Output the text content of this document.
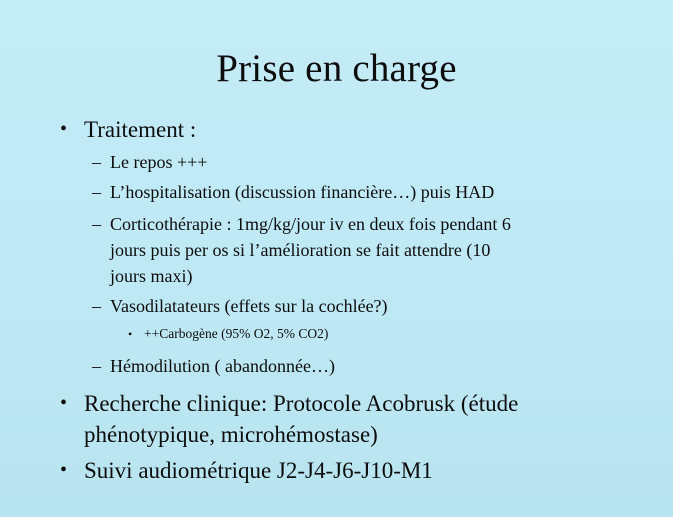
Prise en charge
• Traitement :
– Le repos +++
– L’hospitalisation (discussion financière…) puis HAD
– Corticothérapie : 1mg/kg/jour iv en deux fois pendant 6
jours puis per os si l’amélioration se fait attendre (10
jours maxi)
– Vasodilatateurs (effets sur la cochlée?)
• ++Carbogène (95% O2, 5% CO2)
– Hémodilution ( abandonnée…)
• Recherche clinique: Protocole Acobrusk (étude
phénotypique, microhémostase)
• Suivi audiométrique J2-J4-J6-J10-M1
